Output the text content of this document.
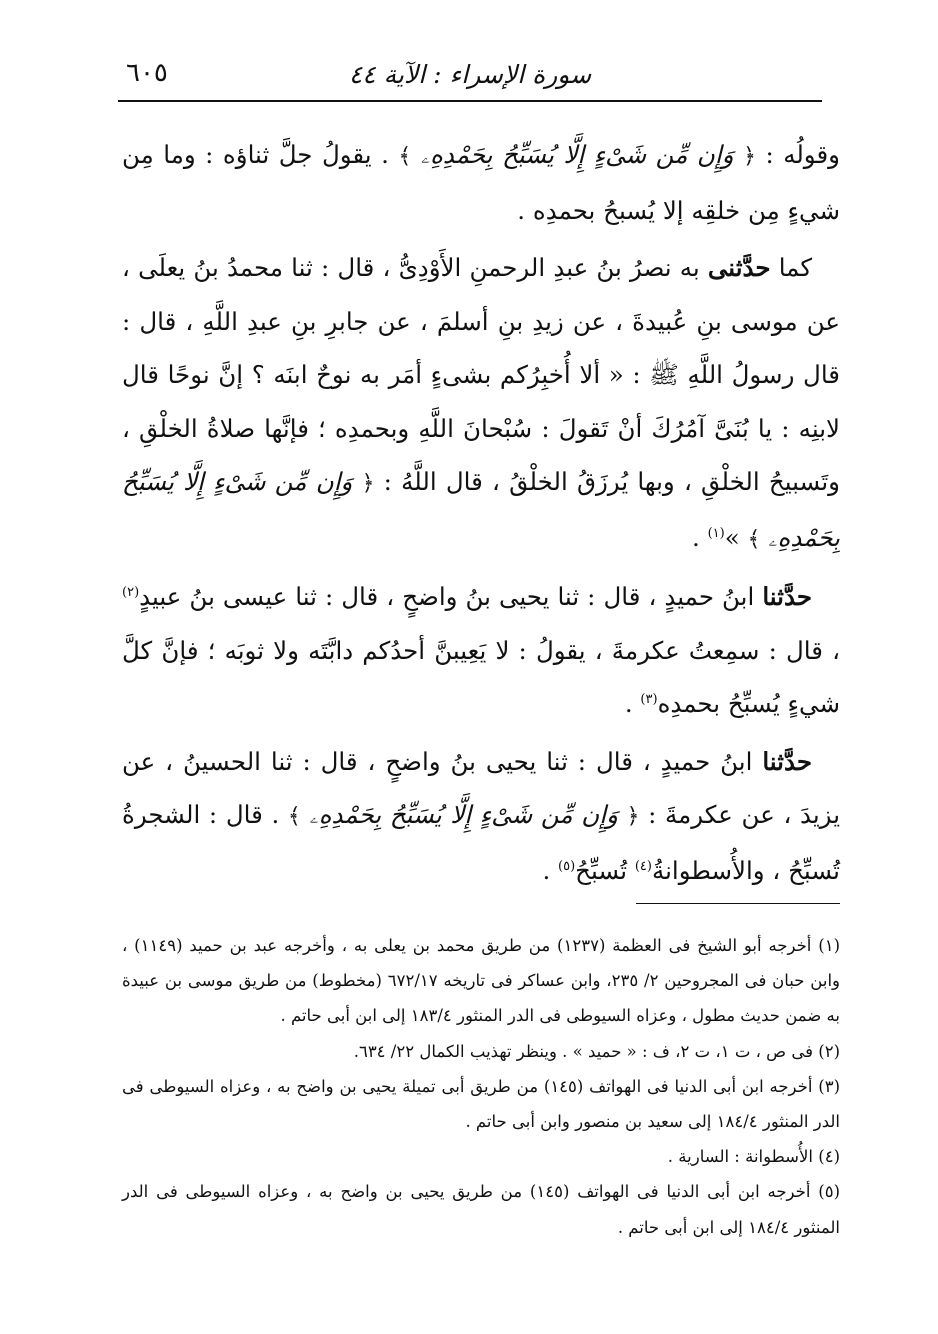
سورة الإسراء : الآية ٤٤
٦٠٥

وقولُه : ﴿ وَإِن مِّن شَىْءٍ إِلَّا يُسَبِّحُ بِحَمْدِهِۦ ﴾ . يقولُ جلَّ ثناؤه : وما مِن شيءٍ مِن خلقِه إلا يُسبحُ بحمدِه .

كما حدَّثنى به نصرُ بنُ عبدِ الرحمنِ الأَوْدِىُّ ، قال : ثنا محمدُ بنُ يعلَى ، عن موسى بنِ عُبيدةَ ، عن زيدِ بنِ أسلمَ ، عن جابرِ بنِ عبدِ اللَّهِ ، قال : قال رسولُ اللَّهِ ﷺ : « ألا أُخبِرُكم بشىءٍ أمَر به نوحٌ ابنَه ؟ إنَّ نوحًا قال لابنِه : يا بُنَىَّ آمُرُكَ أنْ تَقولَ : سُبْحانَ اللَّهِ وبحمدِه ؛ فإنَّها صلاةُ الخلْقِ ، وتَسبيحُ الخلْقِ ، وبها يُرزَقُ الخلْقُ ، قال اللَّهُ : ﴿ وَإِن مِّن شَىْءٍ إِلَّا يُسَبِّحُ بِحَمْدِهِۦ ﴾ »$^{(١)}$ .

حدَّثنا ابنُ حميدٍ ، قال : ثنا يحيى بنُ واضحٍ ، قال : ثنا عيسى بنُ عبيدٍ$^{(٢)}$ ، قال : سمِعتُ عكرمةَ ، يقولُ : لا يَعِيبنَّ أحدُكم دابَّتَه ولا ثوبَه ؛ فإنَّ كلَّ شيءٍ يُسبِّحُ بحمدِه$^{(٣)}$ .

حدَّثنا ابنُ حميدٍ ، قال : ثنا يحيى بنُ واضحٍ ، قال : ثنا الحسينُ ، عن يزيدَ ، عن عكرمةَ : ﴿ وَإِن مِّن شَىْءٍ إِلَّا يُسَبِّحُ بِحَمْدِهِۦ ﴾ . قال : الشجرةُ تُسبِّحُ ، والأُسطوانةُ$^{(٤)}$ تُسبِّحُ$^{(٥)}$ .

(١) أخرجه أبو الشيخ فى العظمة (١٢٣٧) من طريق محمد بن يعلى به ، وأخرجه عبد بن حميد (١١٤٩) ، وابن حبان فى المجروحين ٢/ ٢٣٥، وابن عساكر فى تاريخه ٦٧٢/١٧ (مخطوط) من طريق موسى بن عبيدة به ضمن حديث مطول ، وعزاه السيوطى فى الدر المنثور ١٨٣/٤ إلى ابن أبى حاتم .

(٢) فى ص ، ت ١، ت ٢، ف : « حميد » . وينظر تهذيب الكمال ٢٢/ ٦٣٤.

(٣) أخرجه ابن أبى الدنيا فى الهواتف (١٤٥) من طريق أبى تميلة يحيى بن واضح به ، وعزاه السيوطى فى الدر المنثور ١٨٤/٤ إلى سعيد بن منصور وابن أبى حاتم .

(٤) الأُسطوانة : السارية .

(٥) أخرجه ابن أبى الدنيا فى الهواتف (١٤٥) من طريق يحيى بن واضح به ، وعزاه السيوطى فى الدر المنثور ١٨٤/٤ إلى ابن أبى حاتم .
